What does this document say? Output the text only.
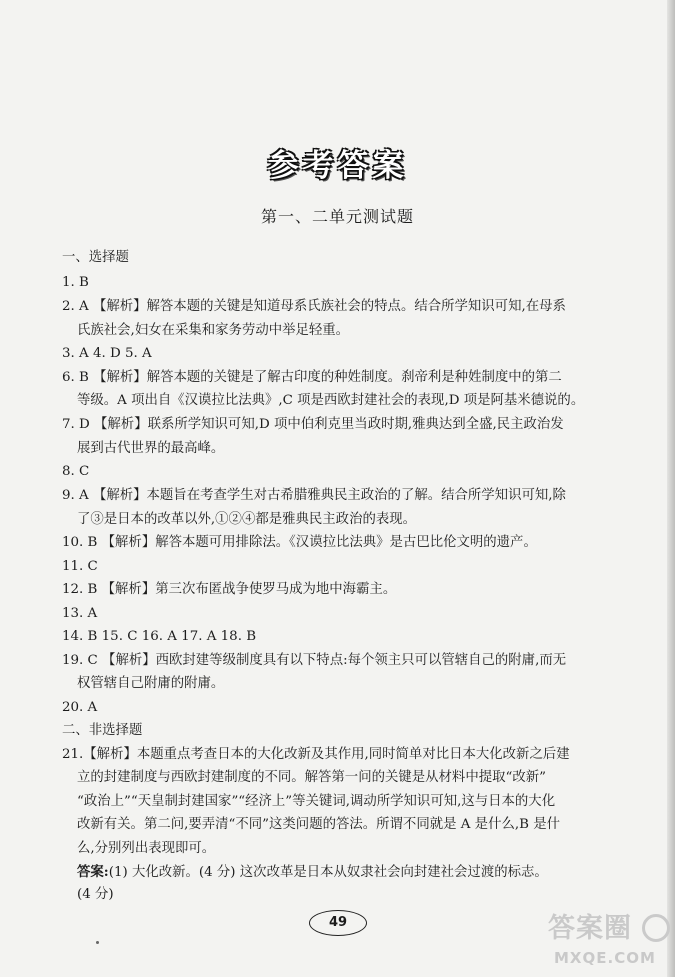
参考答案
第一、二单元测试题
一、选择题
1. B
2. A 【解析】解答本题的关键是知道母系氏族社会的特点。结合所学知识可知,在母系
氏族社会,妇女在采集和家务劳动中举足轻重。
3. A 4. D 5. A
6. B 【解析】解答本题的关键是了解古印度的种姓制度。刹帝利是种姓制度中的第二
等级。A 项出自《汉谟拉比法典》,C 项是西欧封建社会的表现,D 项是阿基米德说的。
7. D 【解析】联系所学知识可知,D 项中伯利克里当政时期,雅典达到全盛,民主政治发
展到古代世界的最高峰。
8. C
9. A 【解析】本题旨在考查学生对古希腊雅典民主政治的了解。结合所学知识可知,除
了③是日本的改革以外,①②④都是雅典民主政治的表现。
10. B 【解析】解答本题可用排除法。《汉谟拉比法典》是古巴比伦文明的遗产。
11. C
12. B 【解析】第三次布匿战争使罗马成为地中海霸主。
13. A
14. B 15. C 16. A 17. A 18. B
19. C 【解析】西欧封建等级制度具有以下特点:每个领主只可以管辖自己的附庸,而无
权管辖自己附庸的附庸。
20. A
二、非选择题
21.【解析】本题重点考查日本的大化改新及其作用,同时简单对比日本大化改新之后建
立的封建制度与西欧封建制度的不同。解答第一问的关键是从材料中提取“改新”
“政治上”“天皇制封建国家”“经济上”等关键词,调动所学知识可知,这与日本的大化
改新有关。第二问,要弄清“不同”这类问题的答法。所谓不同就是 A 是什么,B 是什
么,分别列出表现即可。
答案:(1) 大化改新。(4 分) 这次改革是日本从奴隶社会向封建社会过渡的标志。
(4 分)
49	答案圈
MXQE.COM
